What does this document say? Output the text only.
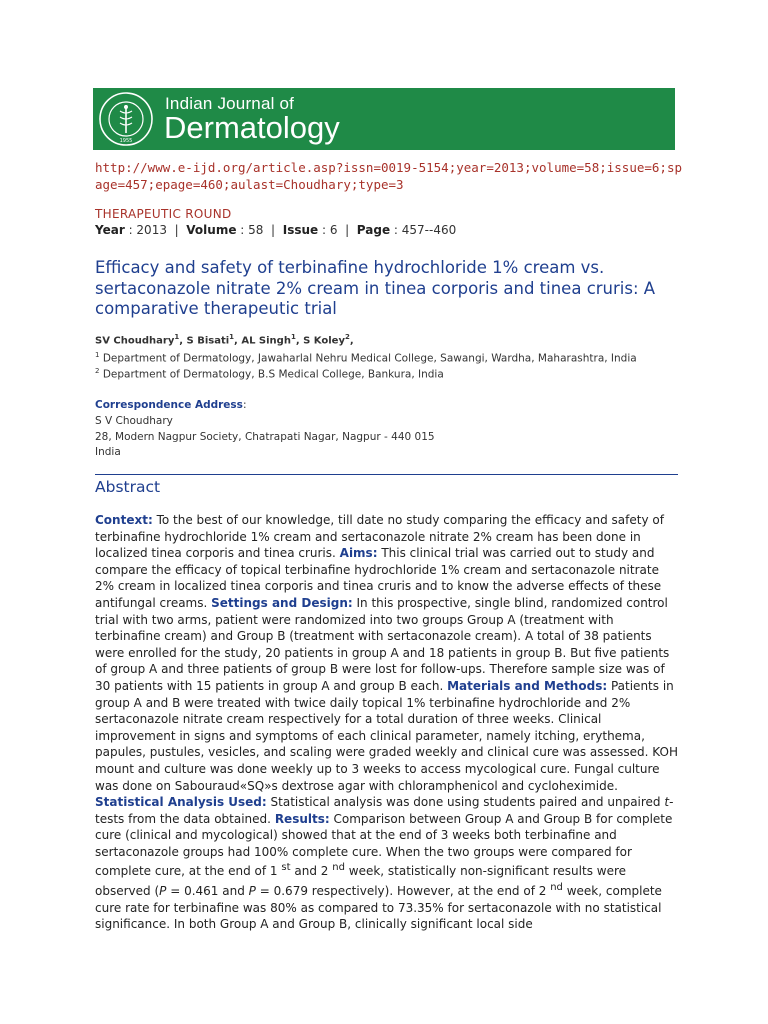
1955
Indian Journal of
Dermatology

http://www.e-ijd.org/article.asp?issn=0019-5154;year=2013;volume=58;issue=6;spage=457;epage=460;aulast=Choudhary;type=3

THERAPEUTIC ROUND
Year : 2013  |  Volume : 58  |  Issue : 6  |  Page : 457--460
Efficacy and safety of terbinafine hydrochloride 1% cream vs. sertaconazole nitrate 2% cream in tinea corporis and tinea cruris: A comparative therapeutic trial
SV Choudhary$^1$, S Bisati$^1$, AL Singh$^1$, S Koley$^2$,
$^1$ Department of Dermatology, Jawaharlal Nehru Medical College, Sawangi, Wardha, Maharashtra, India
$^2$ Department of Dermatology, B.S Medical College, Bankura, India
Correspondence Address:
S V Choudhary
28, Modern Nagpur Society, Chatrapati Nagar, Nagpur - 440 015
India
Abstract

Context: To the best of our knowledge, till date no study comparing the efficacy and safety of terbinafine hydrochloride 1% cream and sertaconazole nitrate 2% cream has been done in localized tinea corporis and tinea cruris. Aims: This clinical trial was carried out to study and compare the efficacy of topical terbinafine hydrochloride 1% cream and sertaconazole nitrate 2% cream in localized tinea corporis and tinea cruris and to know the adverse effects of these antifungal creams. Settings and Design: In this prospective, single blind, randomized control trial with two arms, patient were randomized into two groups Group A (treatment with terbinafine cream) and Group B (treatment with sertaconazole cream). A total of 38 patients were enrolled for the study, 20 patients in group A and 18 patients in group B. But five patients of group A and three patients of group B were lost for follow-ups. Therefore sample size was of 30 patients with 15 patients in group A and group B each. Materials and Methods: Patients in group A and B were treated with twice daily topical 1% terbinafine hydrochloride and 2% sertaconazole nitrate cream respectively for a total duration of three weeks. Clinical improvement in signs and symptoms of each clinical parameter, namely itching, erythema, papules, pustules, vesicles, and scaling were graded weekly and clinical cure was assessed. KOH mount and culture was done weekly up to 3 weeks to access mycological cure. Fungal culture was done on Sabouraud«SQ»s dextrose agar with chloramphenicol and cycloheximide. Statistical Analysis Used: Statistical analysis was done using students paired and unpaired t-tests from the data obtained. Results: Comparison between Group A and Group B for complete cure (clinical and mycological) showed that at the end of 3 weeks both terbinafine and sertaconazole groups had 100% complete cure. When the two groups were compared for complete cure, at the end of 1 $^{st}$ and 2 $^{nd}$ week, statistically non-significant results were observed (P = 0.461 and P = 0.679 respectively). However, at the end of 2 $^{nd}$ week, complete cure rate for terbinafine was 80% as compared to 73.35% for sertaconazole with no statistical significance. In both Group A and Group B, clinically significant local side
